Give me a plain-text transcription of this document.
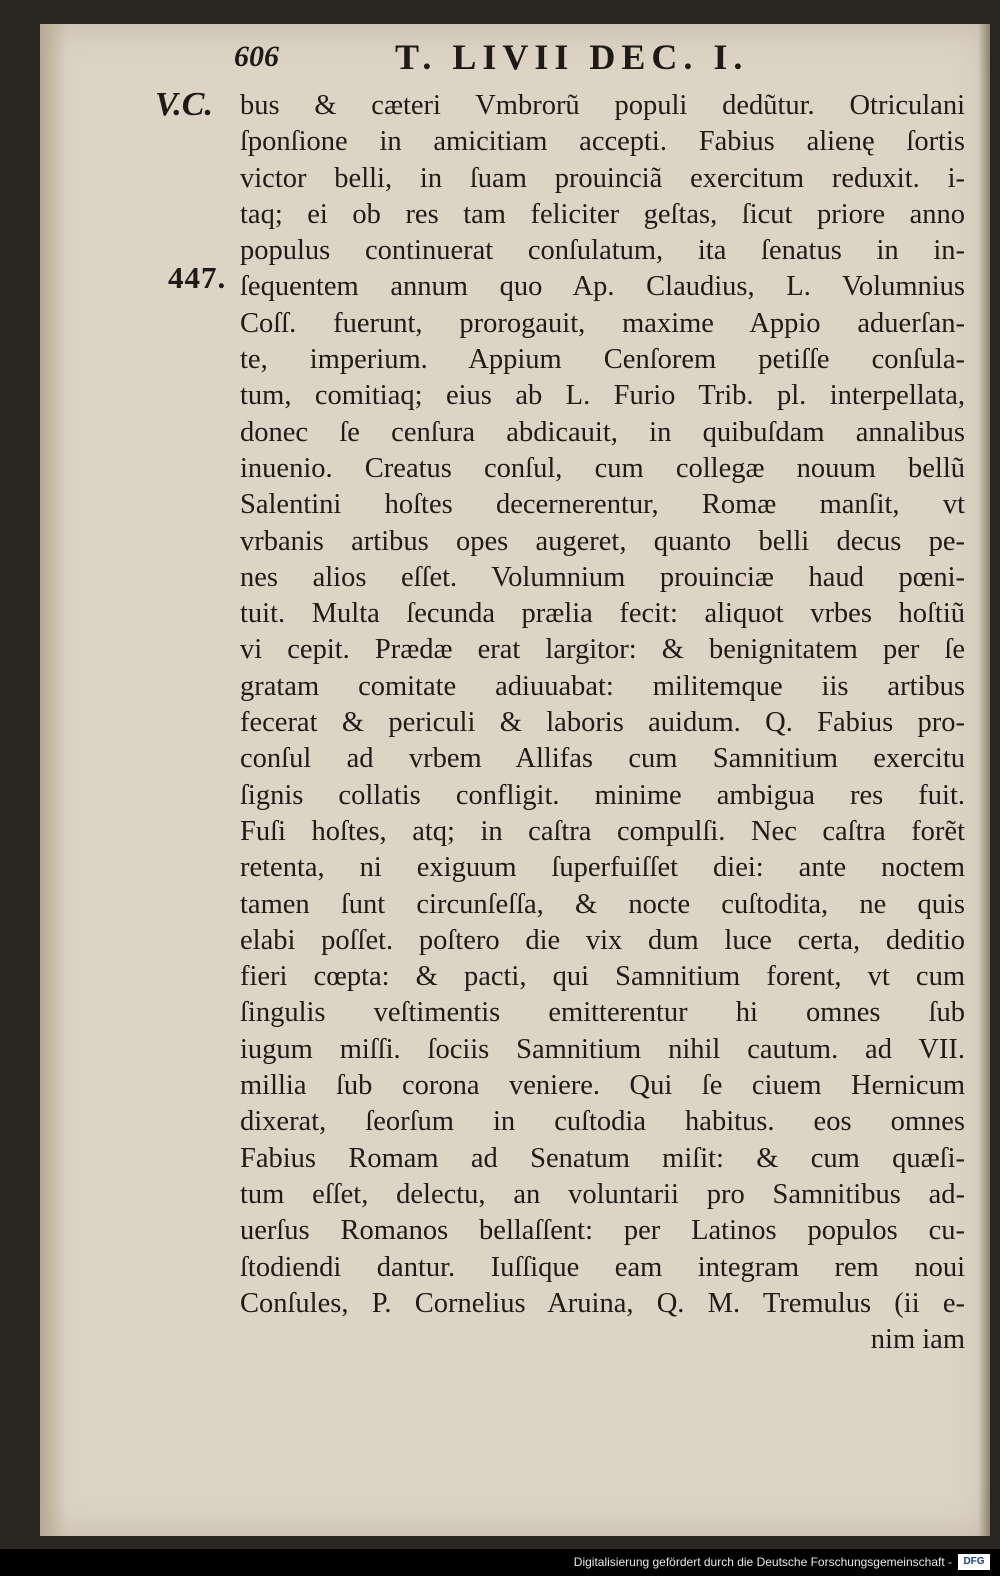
606	T. LIVII DEC. I.
V.C.
447.
bus & cæteri Vmbrorũ populi dedũtur. Otriculani
ſponſione in amicitiam accepti. Fabius alienę ſortis
victor belli, in ſuam prouinciã exercitum reduxit. i-
taq; ei ob res tam feliciter geſtas, ſicut priore anno
populus continuerat conſulatum, ita ſenatus in in-
ſequentem annum quo Ap. Claudius, L. Volumnius
Coſſ. fuerunt, prorogauit, maxime Appio aduerſan-
te, imperium. Appium Cenſorem petiſſe conſula-
tum, comitiaq; eius ab L. Furio Trib. pl. interpellata,
donec ſe cenſura abdicauit, in quibuſdam annalibus
inuenio. Creatus conſul, cum collegæ nouum bellũ
Salentini hoſtes decernerentur, Romæ manſit, vt
vrbanis artibus opes augeret, quanto belli decus pe-
nes alios eſſet. Volumnium prouinciæ haud pœni-
tuit. Multa ſecunda prælia fecit: aliquot vrbes hoſtiũ
vi cepit. Prædæ erat largitor: & benignitatem per ſe
gratam comitate adiuuabat: militemque iis artibus
fecerat & periculi & laboris auidum. Q. Fabius pro-
conſul ad vrbem Allifas cum Samnitium exercitu
ſignis collatis confligit. minime ambigua res fuit.
Fuſi hoſtes, atq; in caſtra compulſi. Nec caſtra forẽt
retenta, ni exiguum ſuperfuiſſet diei: ante noctem
tamen ſunt circunſeſſa, & nocte cuſtodita, ne quis
elabi poſſet. poſtero die vix dum luce certa, deditio
fieri cœpta: & pacti, qui Samnitium forent, vt cum
ſingulis veſtimentis emitterentur hi omnes ſub
iugum miſſi. ſociis Samnitium nihil cautum. ad VII.
millia ſub corona veniere. Qui ſe ciuem Hernicum
dixerat, ſeorſum in cuſtodia habitus. eos omnes
Fabius Romam ad Senatum miſit: & cum quæſi-
tum eſſet, delectu, an voluntarii pro Samnitibus ad-
uerſus Romanos bellaſſent: per Latinos populos cu-
ſtodiendi dantur. Iuſſique eam integram rem noui
Conſules, P. Cornelius Aruina, Q. M. Tremulus (ii e-
nim iam
Digitalisierung gefördert durch die Deutsche Forschungsgemeinschaft -	DFG
